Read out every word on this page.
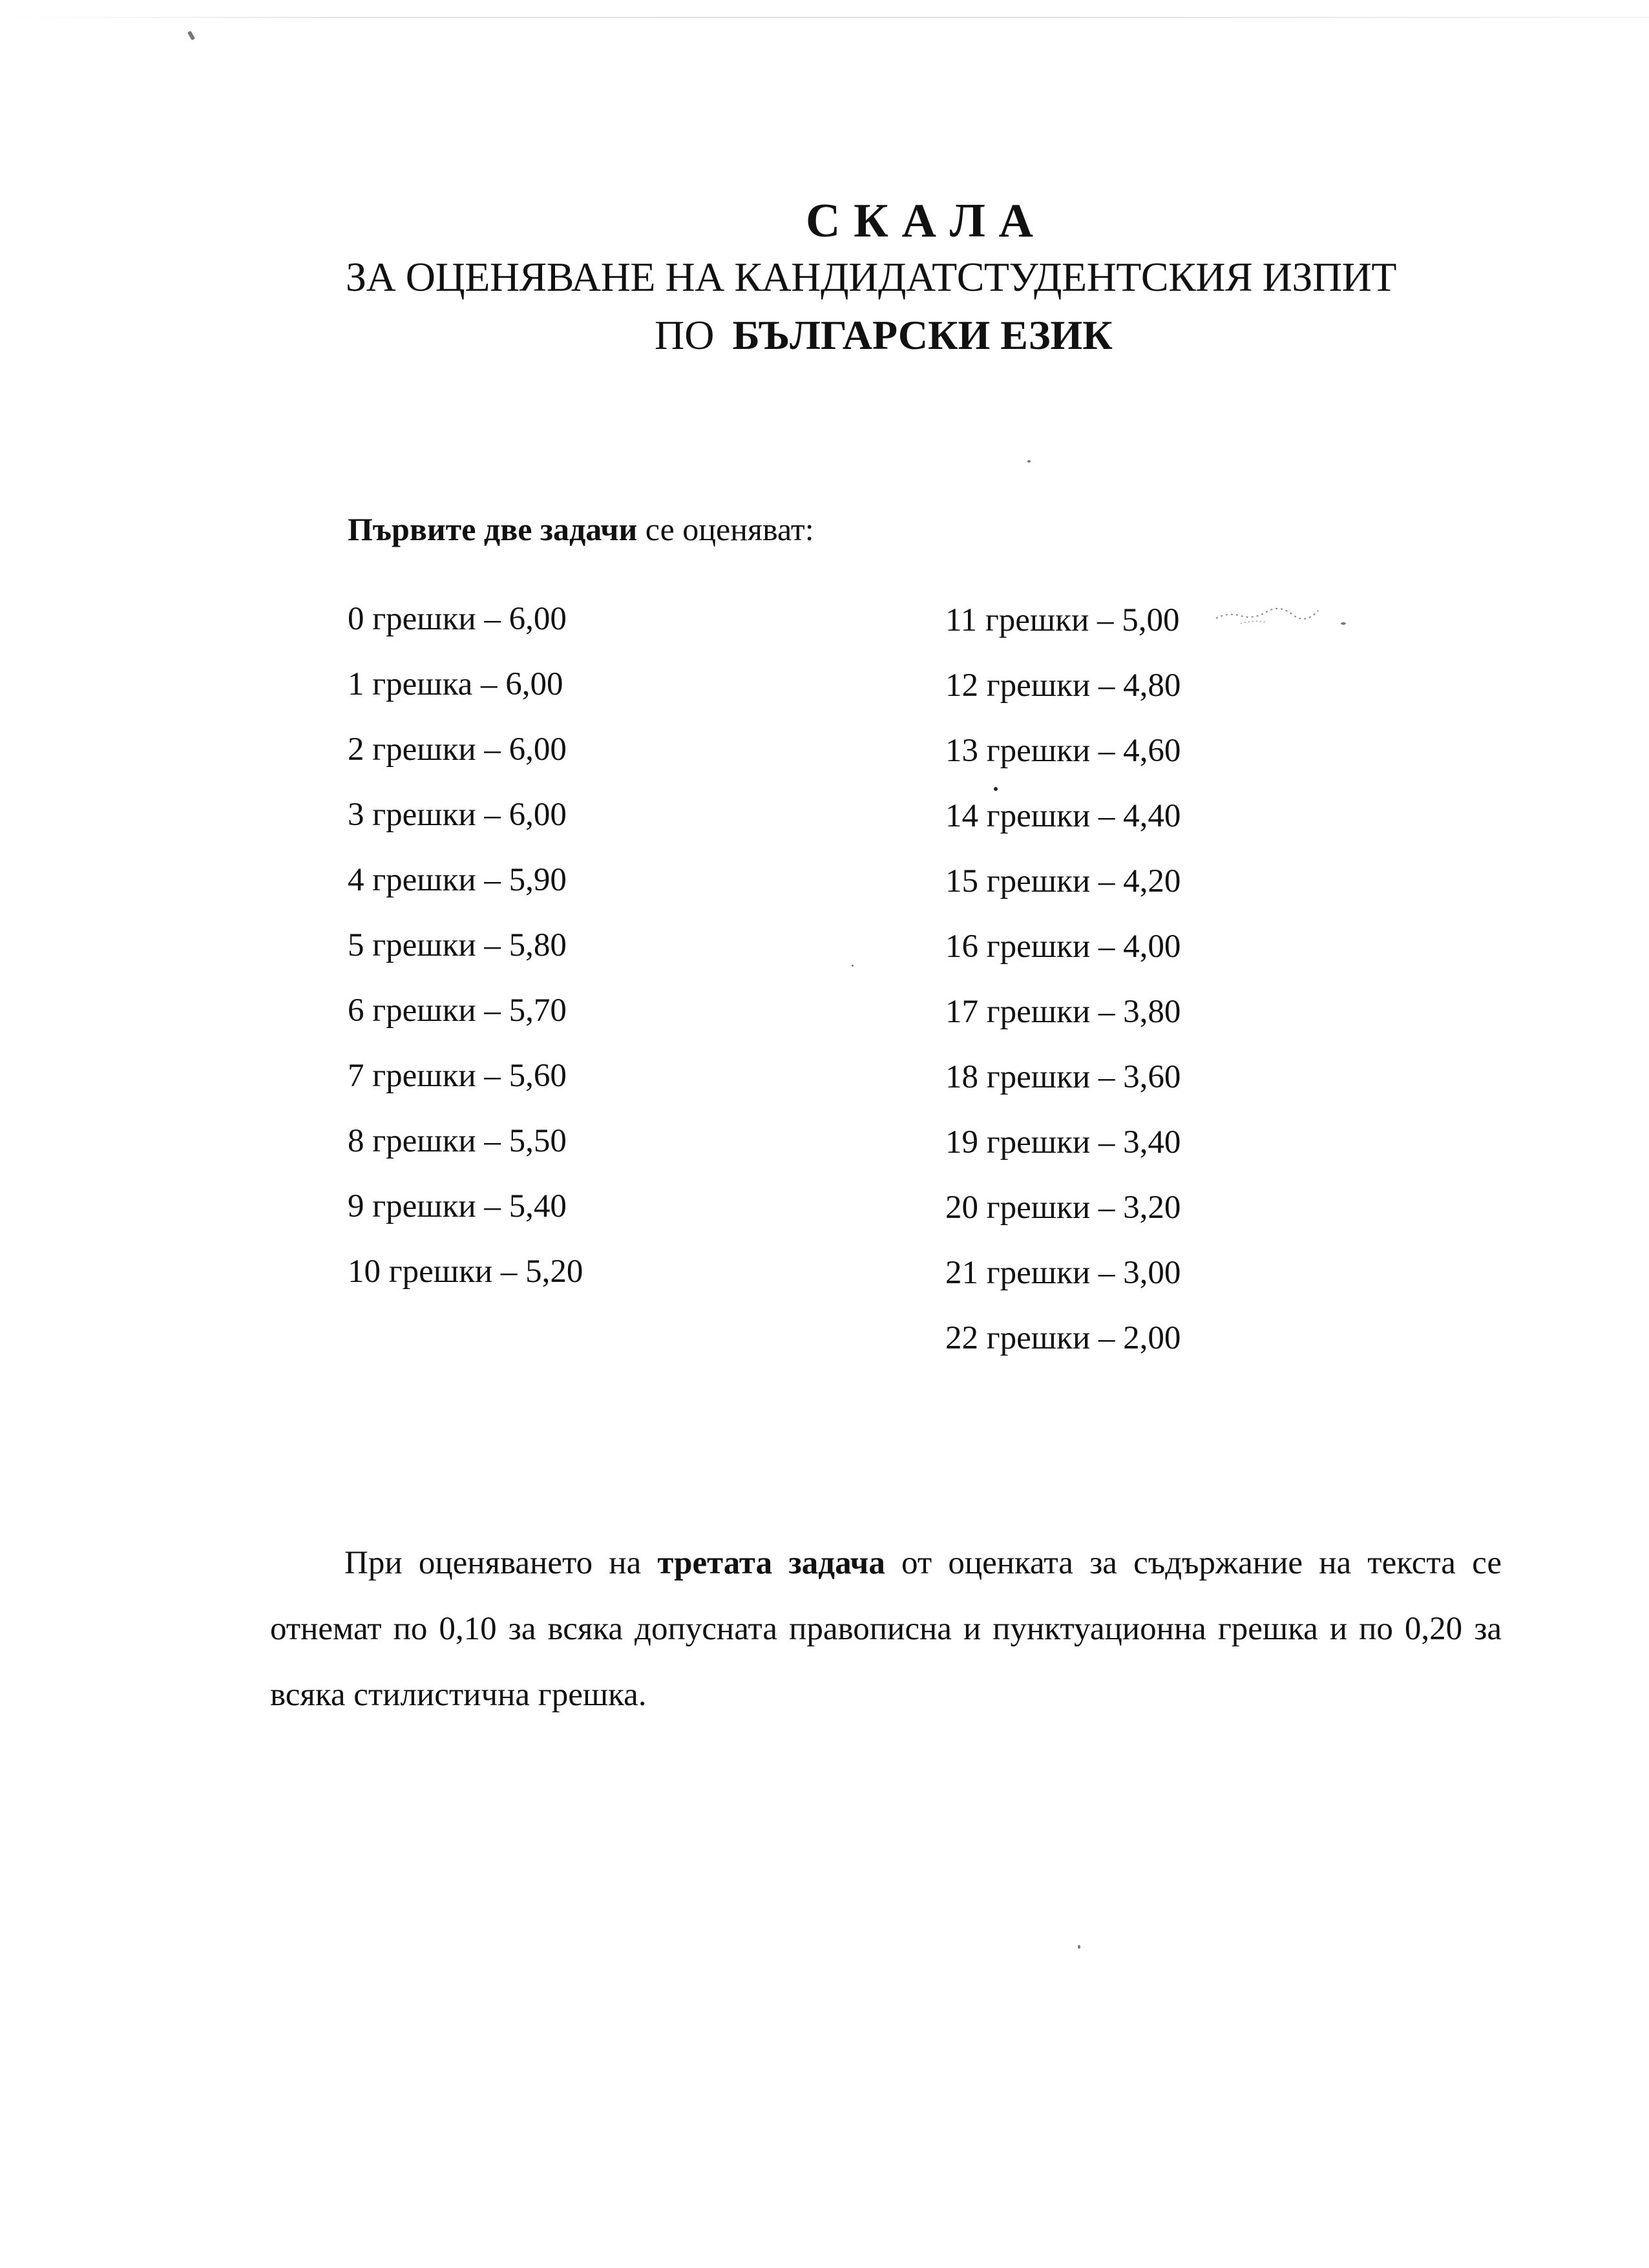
СКАЛА
ЗА ОЦЕНЯВАНЕ НА КАНДИДАТСТУДЕНТСКИЯ ИЗПИТ
ПО БЪЛГАРСКИ ЕЗИК
Първите две задачи се оценяват:
0 грешки – 6,00
1 грешка – 6,00
2 грешки – 6,00
3 грешки – 6,00
4 грешки – 5,90
5 грешки – 5,80
6 грешки – 5,70
7 грешки – 5,60
8 грешки – 5,50
9 грешки – 5,40
10 грешки – 5,20
11 грешки – 5,00
12 грешки – 4,80
13 грешки – 4,60
14 грешки – 4,40
15 грешки – 4,20
16 грешки – 4,00
17 грешки – 3,80
18 грешки – 3,60
19 грешки – 3,40
20 грешки – 3,20
21 грешки – 3,00
22 грешки – 2,00
При оценяването на третата задача от оценката за съдържание на текста се отнемат по 0,10 за всяка допусната правописна и пунктуационна грешка и по 0,20 за всяка стилистична грешка.
